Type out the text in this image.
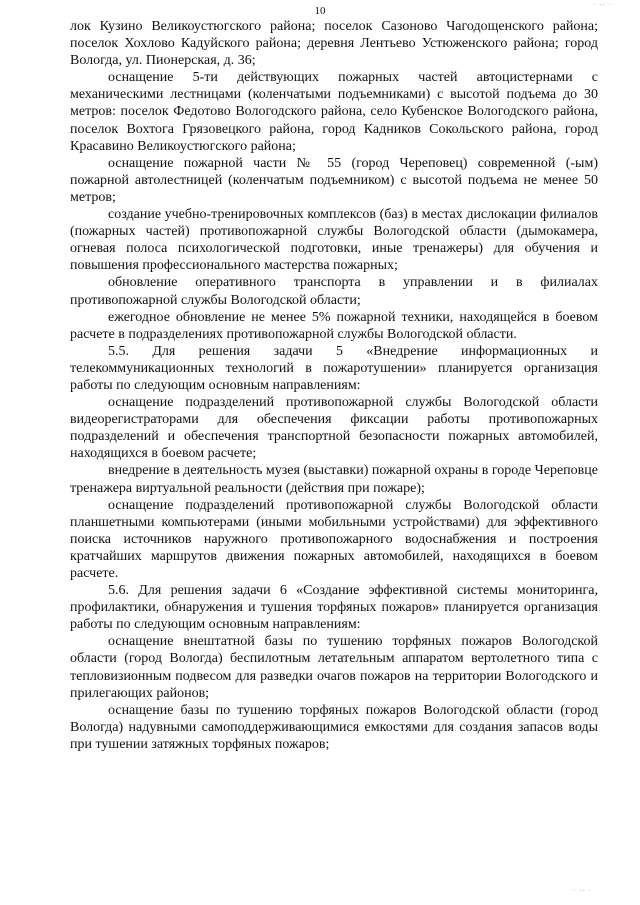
· ·· ·
10

лок Кузино Великоустюгского района; поселок Сазоново Чагодощенского района; поселок Хохлово Кадуйского района; деревня Лентьево Устюженского района; город Вологда, ул. Пионерская, д. 36;

оснащение 5-ти действующих пожарных частей автоцистернами с механическими лестницами (коленчатыми подъемниками) с высотой подъема до 30 метров: поселок Федотово Вологодского района, село Кубенское Вологодского района, поселок Вохтога Грязовецкого района, город Кадников Сокольского района, город Красавино Великоустюгского района;

оснащение пожарной части № 55 (город Череповец) современной (-ым) пожарной автолестницей (коленчатым подъемником) с высотой подъема не менее 50 метров;

создание учебно-тренировочных комплексов (баз) в местах дислокации филиалов (пожарных частей) противопожарной службы Вологодской области (дымокамера, огневая полоса психологической подготовки, иные тренажеры) для обучения и повышения профессионального мастерства пожарных;

обновление оперативного транспорта в управлении и в филиалах противопожарной службы Вологодской области;

ежегодное обновление не менее 5% пожарной техники, находящейся в боевом расчете в подразделениях противопожарной службы Вологодской области.

5.5. Для решения задачи 5 «Внедрение информационных и телекоммуникационных технологий в пожаротушении» планируется организация работы по следующим основным направлениям:

оснащение подразделений противопожарной службы Вологодской области видеорегистраторами для обеспечения фиксации работы противопожарных подразделений и обеспечения транспортной безопасности пожарных автомобилей, находящихся в боевом расчете;

внедрение в деятельность музея (выставки) пожарной охраны в городе Череповце тренажера виртуальной реальности (действия при пожаре);

оснащение подразделений противопожарной службы Вологодской области планшетными компьютерами (иными мобильными устройствами) для эффективного поиска источников наружного противопожарного водоснабжения и построения кратчайших маршрутов движения пожарных автомобилей, находящихся в боевом расчете.

5.6. Для решения задачи 6 «Создание эффективной системы мониторинга, профилактики, обнаружения и тушения торфяных пожаров» планируется организация работы по следующим основным направлениям:

оснащение внештатной базы по тушению торфяных пожаров Вологодской области (город Вологда) беспилотным летательным аппаратом вертолетного типа с тепловизионным подвесом для разведки очагов пожаров на территории Вологодского и прилегающих районов;

оснащение базы по тушению торфяных пожаров Вологодской области (город Вологда) надувными самоподдерживающимися емкостями для создания запасов воды при тушении затяжных торфяных пожаров;

· ·· ·
